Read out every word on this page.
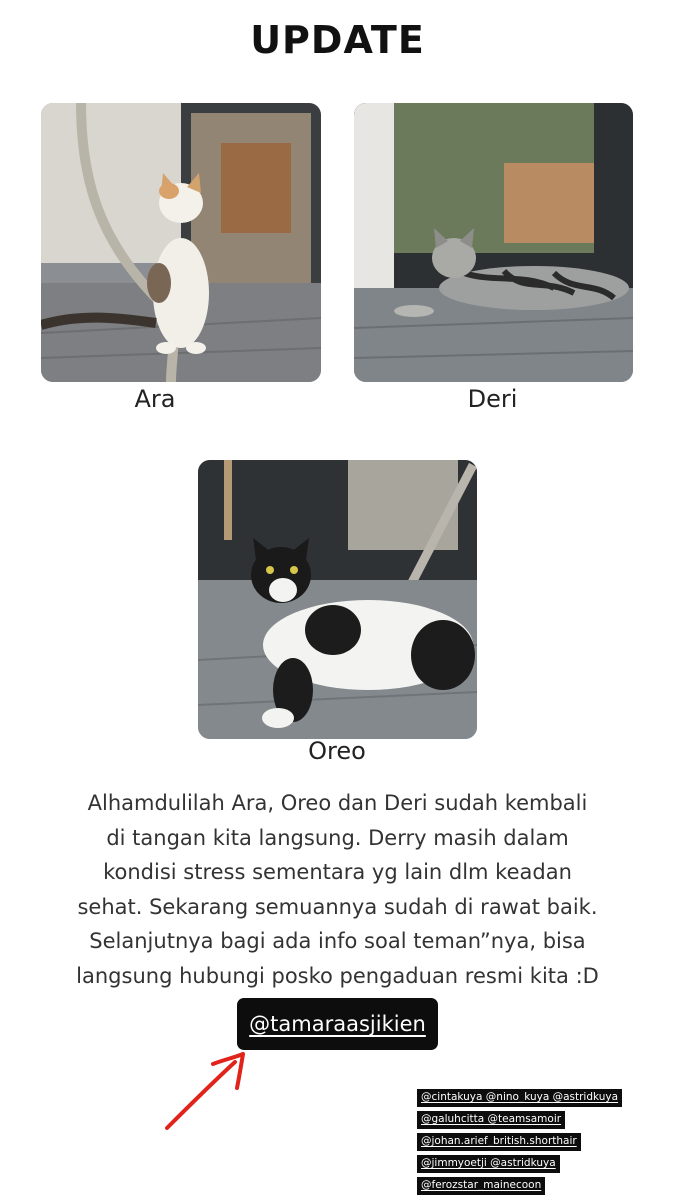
UPDATE
Ara	Deri
Oreo
Alhamdulilah Ara, Oreo dan Deri sudah kembali
di tangan kita langsung. Derry masih dalam
kondisi stress sementara yg lain dlm keadan
sehat. Sekarang semuannya sudah di rawat baik.
Selanjutnya bagi ada info soal teman”nya, bisa
langsung hubungi posko pengaduan resmi kita :D
@tamaraasjikien
@cintakuya @nino_kuya @astridkuya
@galuhcitta @teamsamoir
@johan.arief_british.shorthair
@jimmyoetji @astridkuya
@ferozstar_mainecoon
